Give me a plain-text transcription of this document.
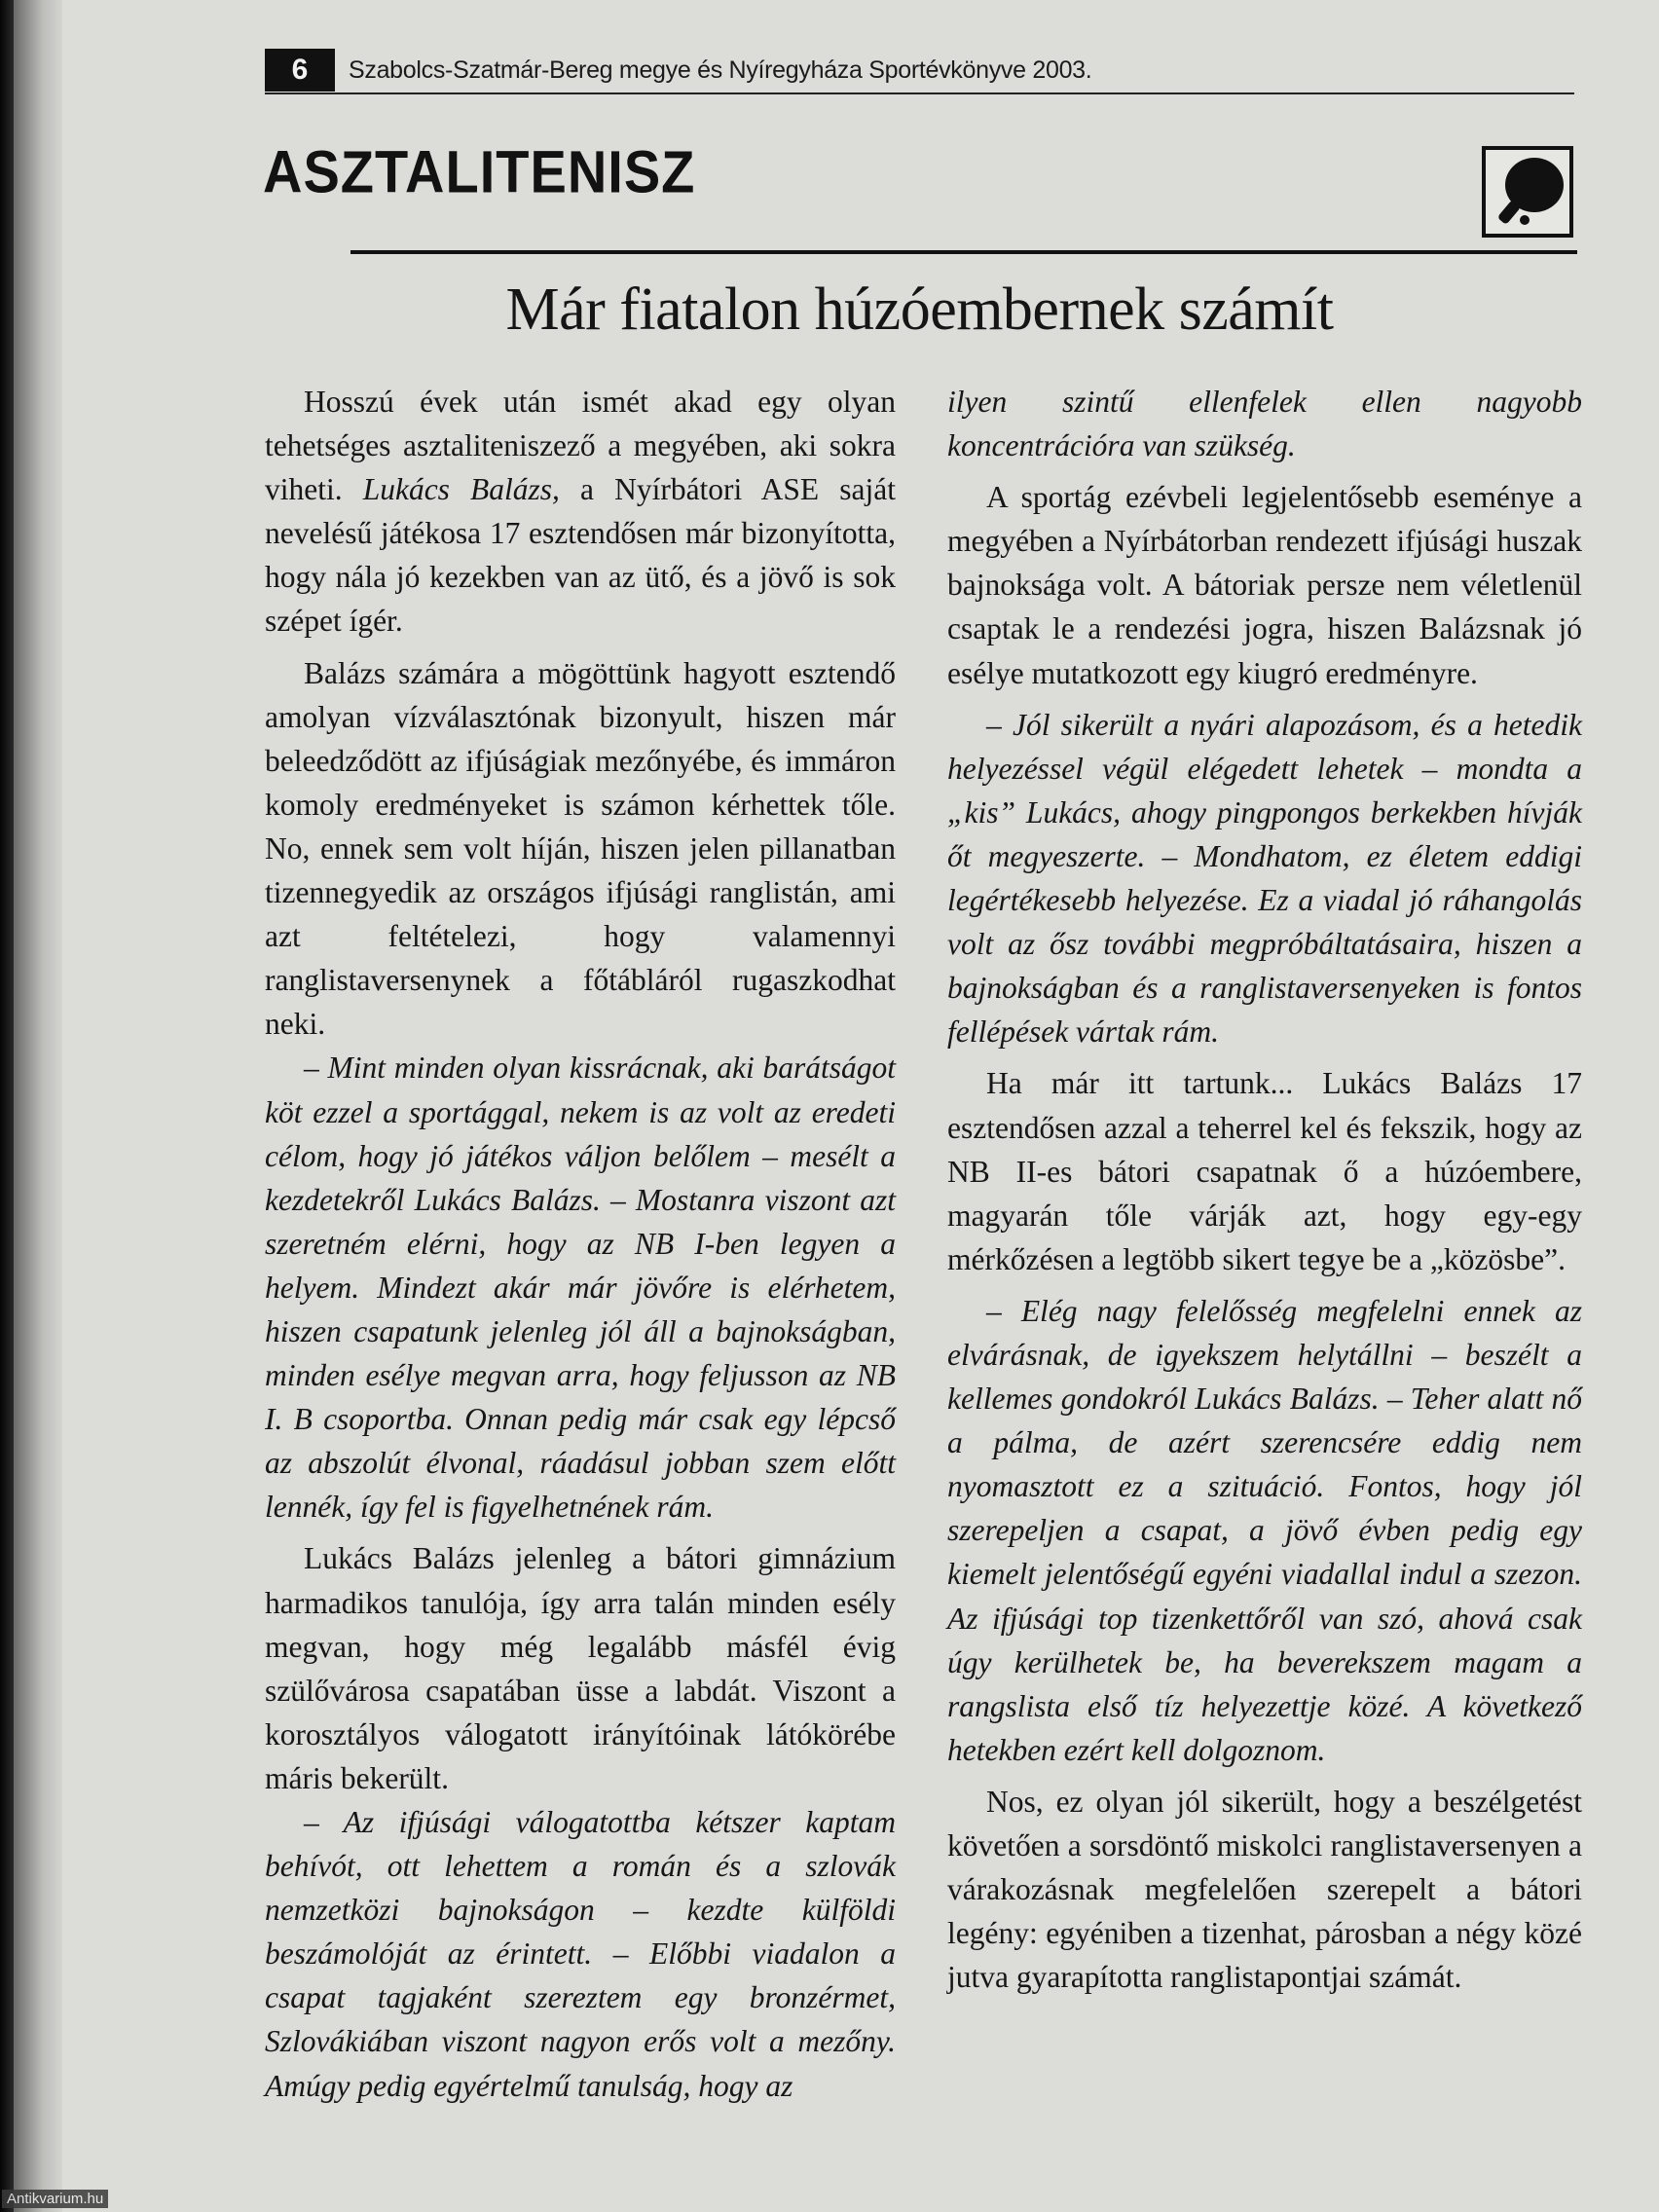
6	Szabolcs-Szatmár-Bereg megye és Nyíregyháza Sportévkönyve 2003.
ASZTALITENISZ
Már fiatalon húzóembernek számít

Hosszú évek után ismét akad egy olyan tehetséges asztaliteniszező a megyében, aki sokra viheti. Lukács Balázs, a Nyírbátori ASE saját nevelésű játékosa 17 esztendősen már bizonyította, hogy nála jó kezekben van az ütő, és a jövő is sok szépet ígér.

Balázs számára a mögöttünk hagyott esztendő amolyan vízválasztónak bizonyult, hiszen már beleedződött az ifjúságiak mezőnyébe, és immáron komoly eredményeket is számon kérhettek tőle. No, ennek sem volt híján, hiszen jelen pillanatban tizennegyedik az országos ifjúsági ranglistán, ami azt feltételezi, hogy valamennyi ranglistaversenynek a főtábláról rugaszkodhat neki.

– Mint minden olyan kissrácnak, aki barátságot köt ezzel a sportággal, nekem is az volt az eredeti célom, hogy jó játékos váljon belőlem – mesélt a kezdetekről Lukács Balázs. – Mostanra viszont azt szeretném elérni, hogy az NB I-ben legyen a helyem. Mindezt akár már jövőre is elérhetem, hiszen csapatunk jelenleg jól áll a bajnokságban, minden esélye megvan arra, hogy feljusson az NB I. B csoportba. Onnan pedig már csak egy lépcső az abszolút élvonal, ráadásul jobban szem előtt lennék, így fel is figyelhetnének rám.

Lukács Balázs jelenleg a bátori gimnázium harmadikos tanulója, így arra talán minden esély megvan, hogy még legalább másfél évig szülővárosa csapatában üsse a labdát. Viszont a korosztályos válogatott irányítóinak látókörébe máris bekerült.

– Az ifjúsági válogatottba kétszer kaptam behívót, ott lehettem a román és a szlovák nemzetközi bajnokságon – kezdte külföldi beszámolóját az érintett. – Előbbi viadalon a csapat tagjaként szereztem egy bronzérmet, Szlovákiában viszont nagyon erős volt a mezőny. Amúgy pedig egyértelmű tanulság, hogy az

ilyen szintű ellenfelek ellen nagyobb koncentrációra van szükség.

A sportág ezévbeli legjelentősebb eseménye a megyében a Nyírbátorban rendezett ifjúsági huszak bajnoksága volt. A bátoriak persze nem véletlenül csaptak le a rendezési jogra, hiszen Balázsnak jó esélye mutatkozott egy kiugró eredményre.

– Jól sikerült a nyári alapozásom, és a hetedik helyezéssel végül elégedett lehetek – mondta a „kis” Lukács, ahogy pingpongos berkekben hívják őt megyeszerte. – Mondhatom, ez életem eddigi legértékesebb helyezése. Ez a viadal jó ráhangolás volt az ősz további megpróbáltatásaira, hiszen a bajnokságban és a ranglistaversenyeken is fontos fellépések vártak rám.

Ha már itt tartunk... Lukács Balázs 17 esztendősen azzal a teherrel kel és fekszik, hogy az NB II-es bátori csapatnak ő a húzóembere, magyarán tőle várják azt, hogy egy-egy mérkőzésen a legtöbb sikert tegye be a „közösbe”.

– Elég nagy felelősség megfelelni ennek az elvárásnak, de igyekszem helytállni – beszélt a kellemes gondokról Lukács Balázs. – Teher alatt nő a pálma, de azért szerencsére eddig nem nyomasztott ez a szituáció. Fontos, hogy jól szerepeljen a csapat, a jövő évben pedig egy kiemelt jelentőségű egyéni viadallal indul a szezon. Az ifjúsági top tizenkettőről van szó, ahová csak úgy kerülhetek be, ha beverekszem magam a rangslista első tíz helyezettje közé. A következő hetekben ezért kell dolgoznom.

Nos, ez olyan jól sikerült, hogy a beszélgetést követően a sorsdöntő miskolci ranglistaversenyen a várakozásnak megfelelően szerepelt a bátori legény: egyéniben a tizenhat, párosban a négy közé jutva gyarapította ranglistapontjai számát.

Antikvarium.hu
